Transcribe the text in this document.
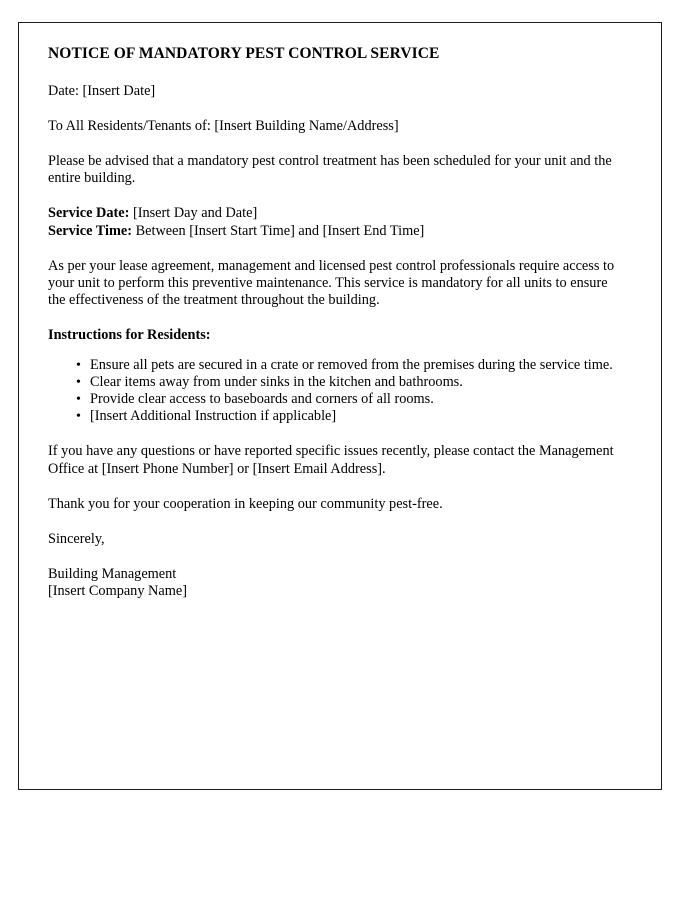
NOTICE OF MANDATORY PEST CONTROL SERVICE

Date: [Insert Date]

To All Residents/Tenants of: [Insert Building Name/Address]

Please be advised that a mandatory pest control treatment has been scheduled for your unit and the entire building.

Service Date: [Insert Day and Date]

Service Time: Between [Insert Start Time] and [Insert End Time]

As per your lease agreement, management and licensed pest control professionals require access to your unit to perform this preventive maintenance. This service is mandatory for all units to ensure the effectiveness of the treatment throughout the building.

Instructions for Residents:

• Ensure all pets are secured in a crate or removed from the premises during the service time.
• Clear items away from under sinks in the kitchen and bathrooms.
• Provide clear access to baseboards and corners of all rooms.
• [Insert Additional Instruction if applicable]

If you have any questions or have reported specific issues recently, please contact the Management Office at [Insert Phone Number] or [Insert Email Address].

Thank you for your cooperation in keeping our community pest-free.

Sincerely,

Building Management

[Insert Company Name]
